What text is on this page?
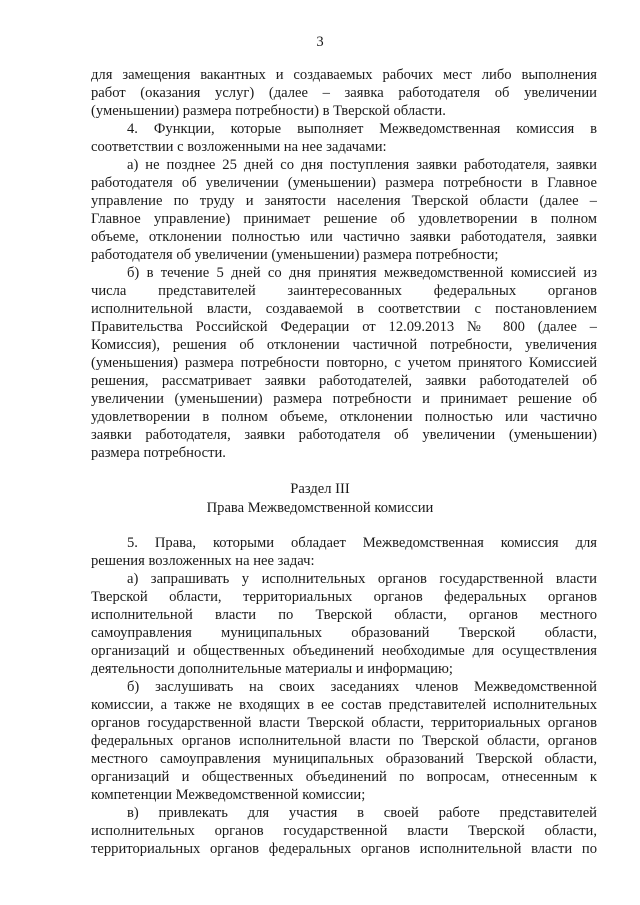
3
для замещения вакантных и создаваемых рабочих мест либо выполнения
работ (оказания услуг) (далее – заявка работодателя об увеличении
(уменьшении) размера потребности) в Тверской области.
4. Функции, которые выполняет Межведомственная комиссия в
соответствии с возложенными на нее задачами:
а) не позднее 25 дней со дня поступления заявки работодателя, заявки
работодателя об увеличении (уменьшении) размера потребности в Главное
управление по труду и занятости населения Тверской области (далее –
Главное управление) принимает решение об удовлетворении в полном
объеме, отклонении полностью или частично заявки работодателя, заявки
работодателя об увеличении (уменьшении) размера потребности;
б) в течение 5 дней со дня принятия межведомственной комиссией из
числа представителей заинтересованных федеральных органов
исполнительной власти, создаваемой в соответствии с постановлением
Правительства Российской Федерации от 12.09.2013 № 800 (далее –
Комиссия), решения об отклонении частичной потребности, увеличения
(уменьшения) размера потребности повторно, с учетом принятого Комиссией
решения, рассматривает заявки работодателей, заявки работодателей об
увеличении (уменьшении) размера потребности и принимает решение об
удовлетворении в полном объеме, отклонении полностью или частично
заявки работодателя, заявки работодателя об увеличении (уменьшении)
размера потребности.
Раздел III
Права Межведомственной комиссии
5. Права, которыми обладает Межведомственная комиссия для
решения возложенных на нее задач:
а) запрашивать у исполнительных органов государственной власти
Тверской области, территориальных органов федеральных органов
исполнительной власти по Тверской области, органов местного
самоуправления муниципальных образований Тверской области,
организаций и общественных объединений необходимые для осуществления
деятельности дополнительные материалы и информацию;
б) заслушивать на своих заседаниях членов Межведомственной
комиссии, а также не входящих в ее состав представителей исполнительных
органов государственной власти Тверской области, территориальных органов
федеральных органов исполнительной власти по Тверской области, органов
местного самоуправления муниципальных образований Тверской области,
организаций и общественных объединений по вопросам, отнесенным к
компетенции Межведомственной комиссии;
в) привлекать для участия в своей работе представителей
исполнительных органов государственной власти Тверской области,
территориальных органов федеральных органов исполнительной власти по
